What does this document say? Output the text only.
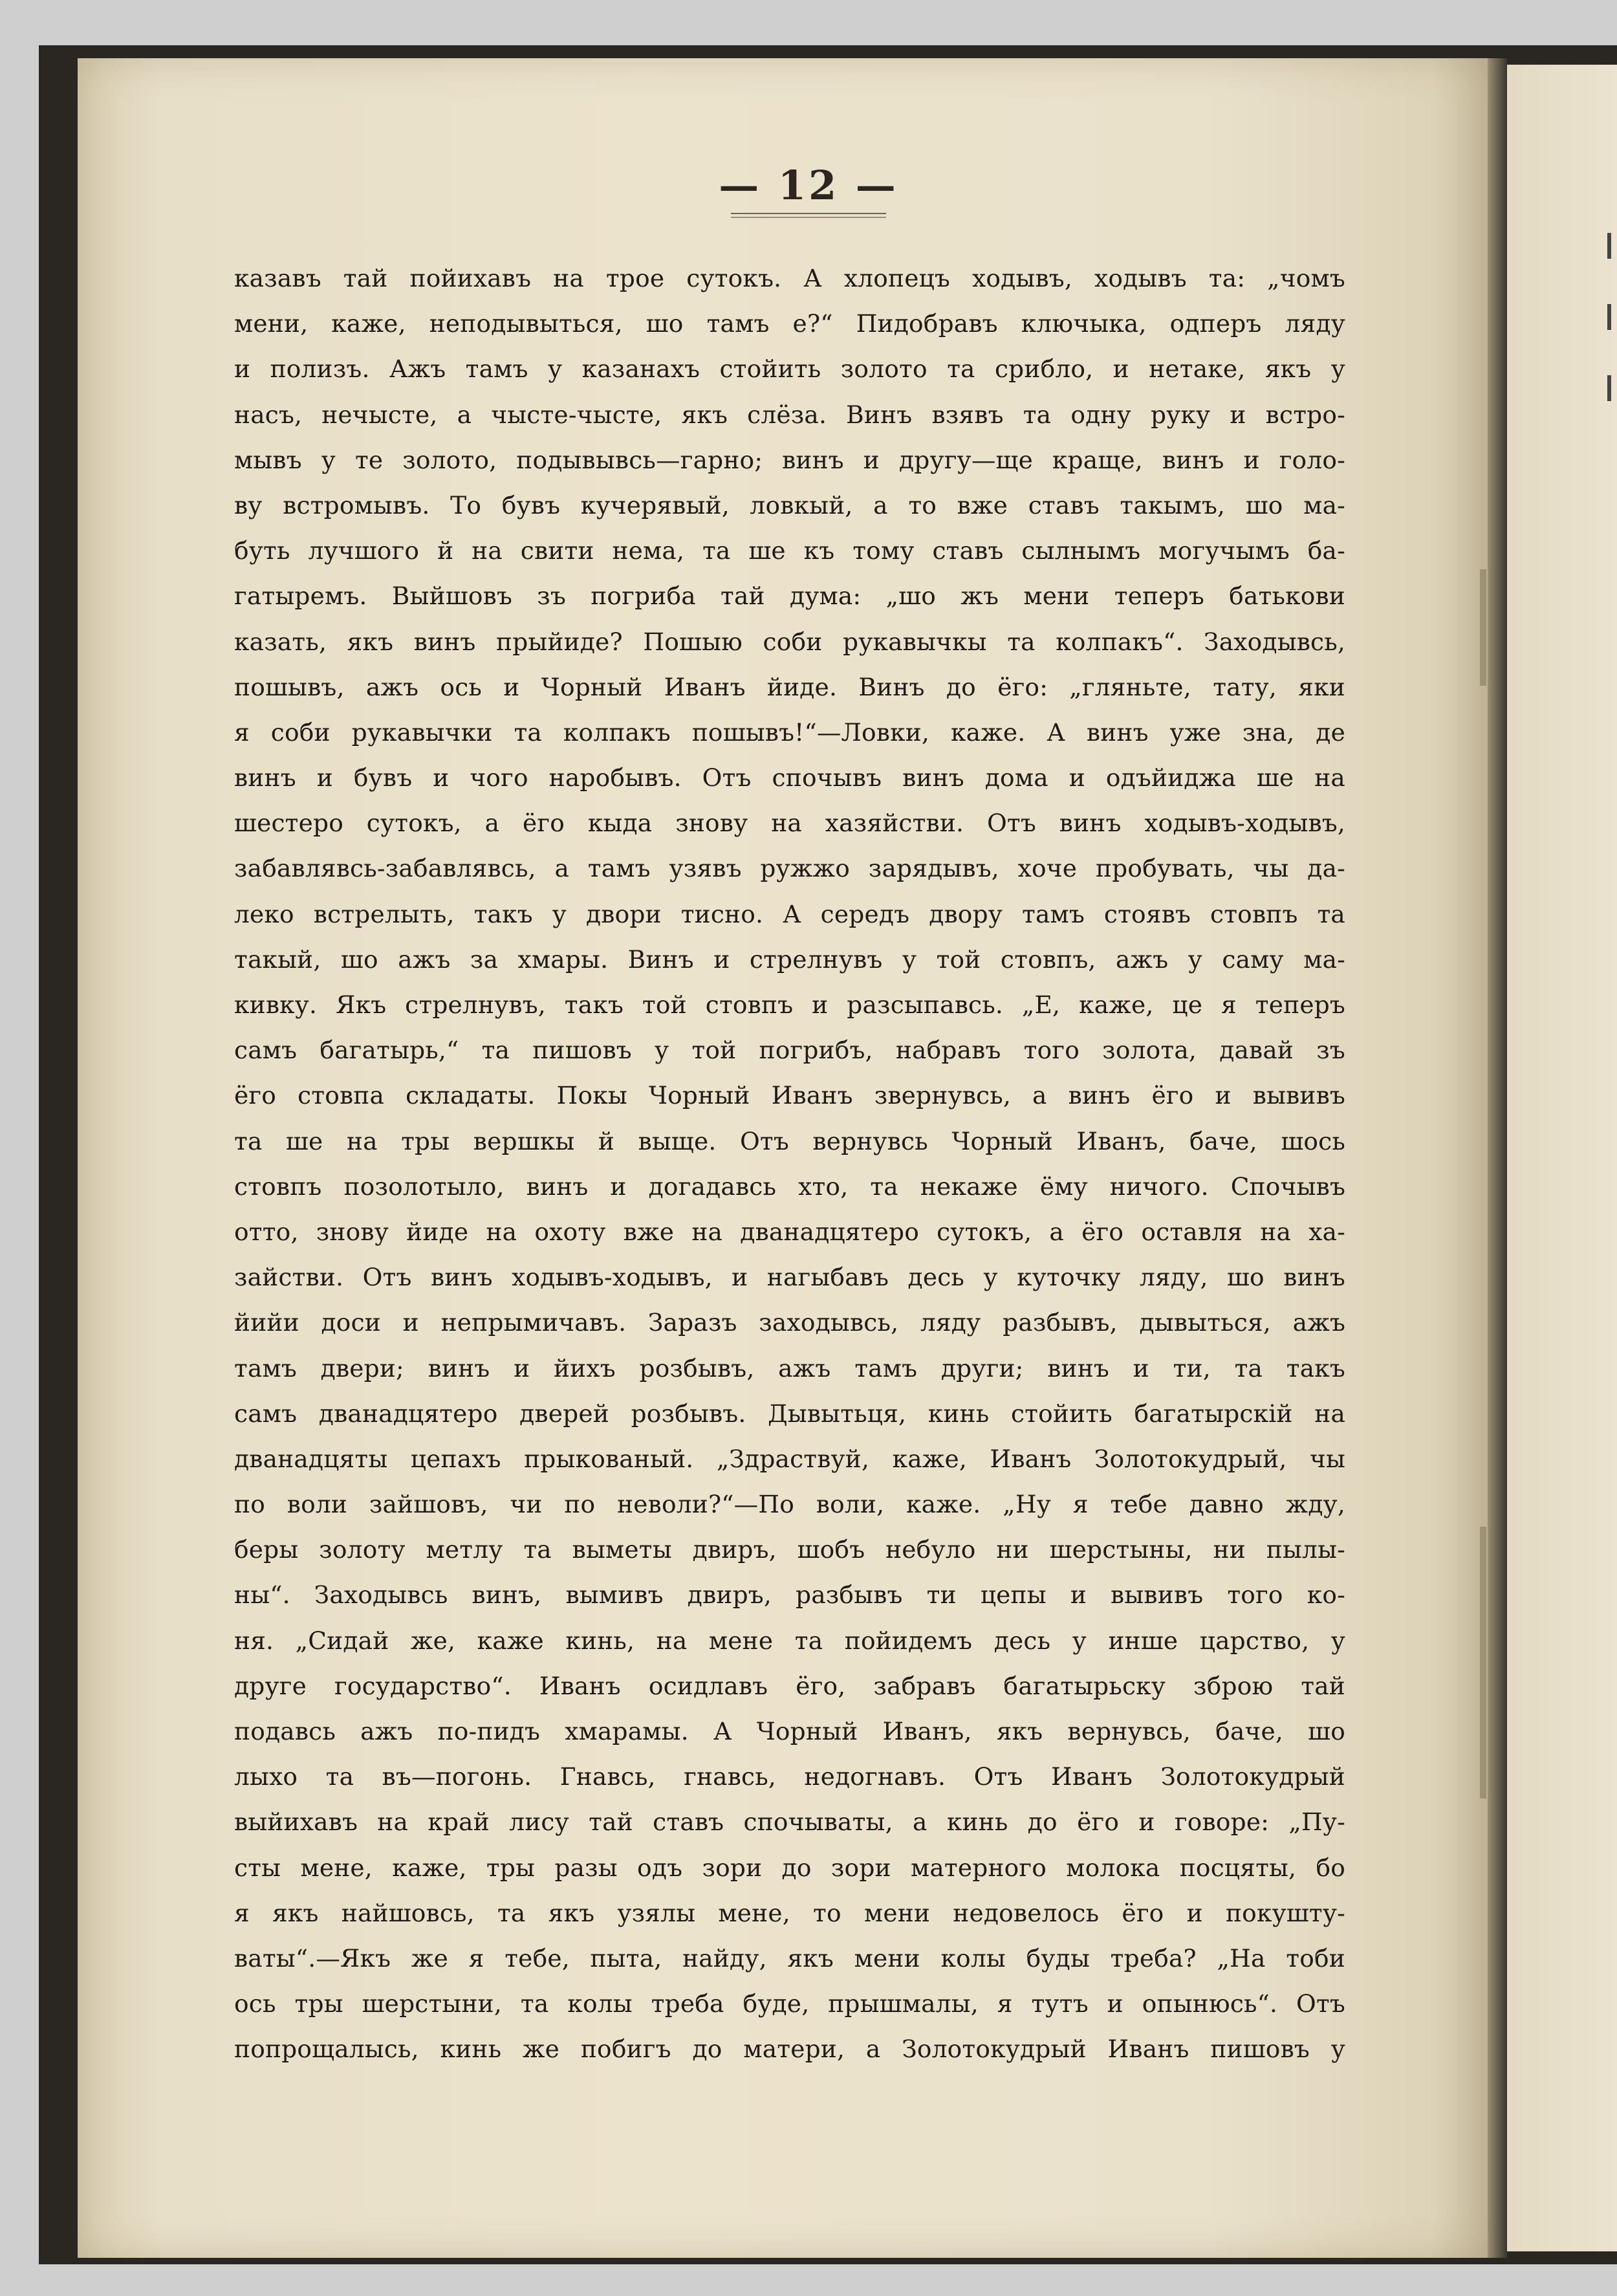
— 12 —
казавъ тай пойихавъ на трое сутокъ. А хлопецъ ходывъ, ходывъ та: „чомъ
мени, каже, неподывыться, шо тамъ е?“ Пидобравъ ключыка, одперъ ляду
и полизъ. Ажъ тамъ у казанахъ стойить золото та срибло, и нетаке, якъ у
насъ, нечысте, а чысте-чысте, якъ слёза. Винъ взявъ та одну руку и встро-
мывъ у те золото, подывывсь—гарно; винъ и другу—ще краще, винъ и голо-
ву встромывъ. То бувъ кучерявый, ловкый, а то вже ставъ такымъ, шо ма-
буть лучшого й на свити нема, та ше къ тому ставъ сылнымъ могучымъ ба-
гатыремъ. Выйшовъ зъ погриба тай дума: „шо жъ мени теперъ батькови
казать, якъ винъ прыйиде? Пошыю соби рукавычкы та колпакъ“. Заходывсь,
пошывъ, ажъ ось и Чорный Иванъ йиде. Винъ до ёго: „гляньте, тату, яки
я соби рукавычки та колпакъ пошывъ!“—Ловки, каже. А винъ уже зна, де
винъ и бувъ и чого наробывъ. Отъ спочывъ винъ дома и одъйиджа ше на
шестеро сутокъ, а ёго кыда знову на хазяйстви. Отъ винъ ходывъ-ходывъ,
забавлявсь-забавлявсь, а тамъ узявъ ружжо зарядывъ, хоче пробувать, чы да-
леко встрелыть, такъ у двори тисно. А середъ двору тамъ стоявъ стовпъ та
такый, шо ажъ за хмары. Винъ и стрелнувъ у той стовпъ, ажъ у саму ма-
кивку. Якъ стрелнувъ, такъ той стовпъ и разсыпавсь. „Е, каже, це я теперъ
самъ багатырь,“ та пишовъ у той погрибъ, набравъ того золота, давай зъ
ёго стовпа складаты. Покы Чорный Иванъ звернувсь, а винъ ёго и вывивъ
та ше на тры вершкы й выще. Отъ вернувсь Чорный Иванъ, баче, шось
стовпъ позолотыло, винъ и догадавсь хто, та некаже ёму ничого. Спочывъ
отто, знову йиде на охоту вже на дванадцятеро сутокъ, а ёго оставля на ха-
зайстви. Отъ винъ ходывъ-ходывъ, и нагыбавъ десь у куточку ляду, шо винъ
йийи доси и непрымичавъ. Заразъ заходывсь, ляду разбывъ, дывыться, ажъ
тамъ двери; винъ и йихъ розбывъ, ажъ тамъ други; винъ и ти, та такъ
самъ дванадцятеро дверей розбывъ. Дывытьця, кинь стойить багатырскій на
дванадцяты цепахъ прыкованый. „Здраствуй, каже, Иванъ Золотокудрый, чы
по воли зайшовъ, чи по неволи?“—По воли, каже. „Ну я тебе давно жду,
беры золоту метлу та выметы двиръ, шобъ небуло ни шерстыны, ни пылы-
ны“. Заходывсь винъ, вымивъ двиръ, разбывъ ти цепы и вывивъ того ко-
ня. „Сидай же, каже кинь, на мене та пойидемъ десь у инше царство, у
друге государство“. Иванъ осидлавъ ёго, забравъ багатырьску зброю тай
подавсь ажъ по-пидъ хмарамы. А Чорный Иванъ, якъ вернувсь, баче, шо
лыхо та въ—погонь. Гнавсь, гнавсь, недогнавъ. Отъ Иванъ Золотокудрый
выйихавъ на край лису тай ставъ спочываты, а кинь до ёго и говоре: „Пу-
сты мене, каже, тры разы одъ зори до зори матерного молока посцяты, бо
я якъ найшовсь, та якъ узялы мене, то мени недовелось ёго и покушту-
ваты“.—Якъ же я тебе, пыта, найду, якъ мени колы буды треба? „На тоби
ось тры шерстыни, та колы треба буде, прышмалы, я тутъ и опынюсь“. Отъ
попрощалысь, кинь же побигъ до матери, а Золотокудрый Иванъ пишовъ у
